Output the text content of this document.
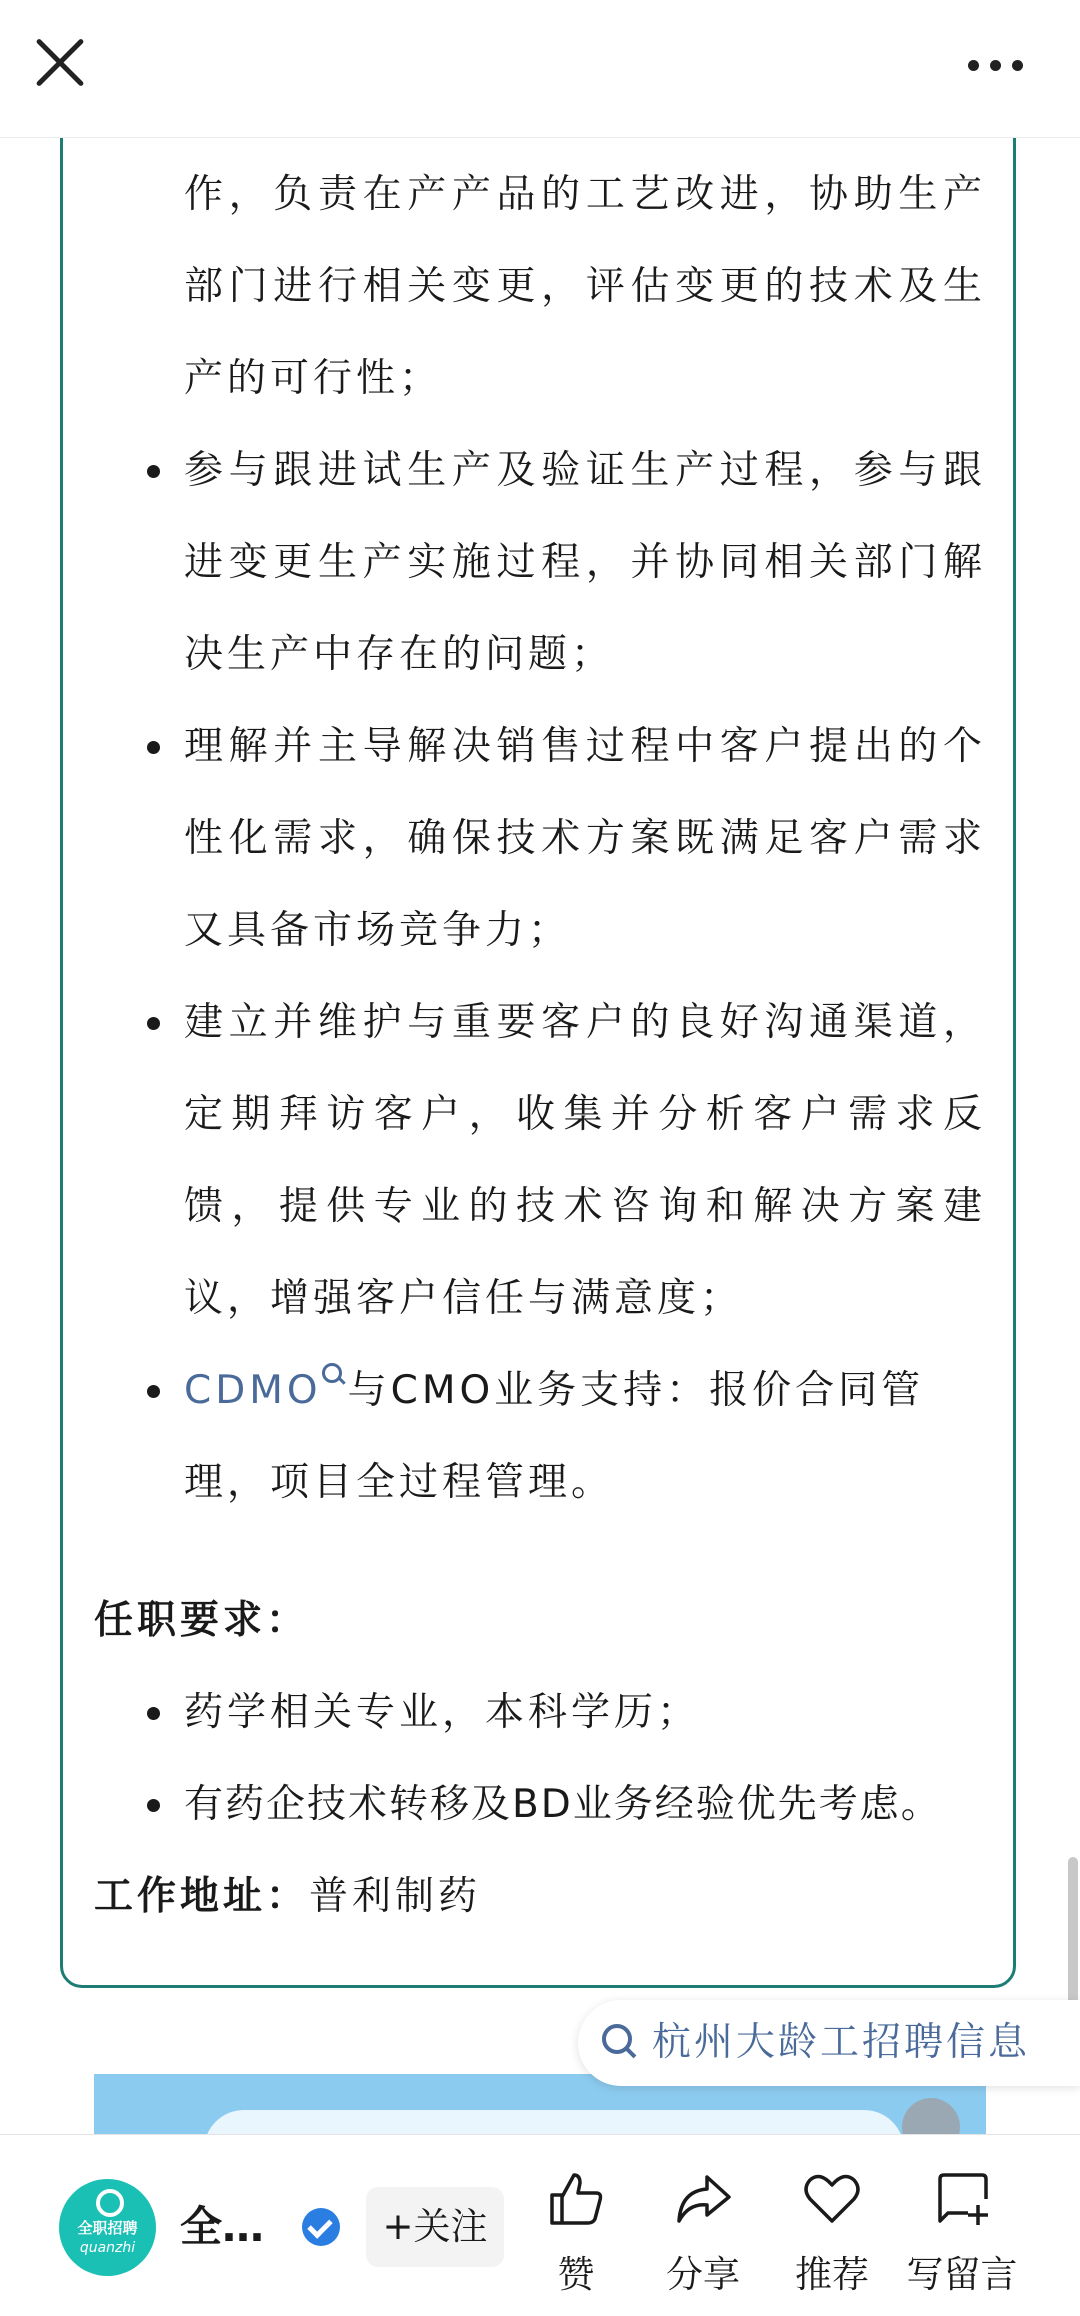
作，负责在产产品的工艺改进，协助生产
部门进行相关变更，评估变更的技术及生
产的可行性；
参与跟进试生产及验证生产过程，参与跟
进变更生产实施过程，并协同相关部门解
决生产中存在的问题；
理解并主导解决销售过程中客户提出的个
性化需求，确保技术方案既满足客户需求
又具备市场竞争力；
建立并维护与重要客户的良好沟通渠道，
定期拜访客户，收集并分析客户需求反
馈，提供专业的技术咨询和解决方案建
议，增强客户信任与满意度；
CDMO 与CMO业务支持：报价合同管
理，项目全过程管理。
任职要求：
药学相关专业，本科学历；
有药企技术转移及BD业务经验优先考虑。
工作地址：普利制药
杭州大龄工招聘信息
全职招聘
quanzhi	全…	+关注
赞	分享	推荐	写留言
